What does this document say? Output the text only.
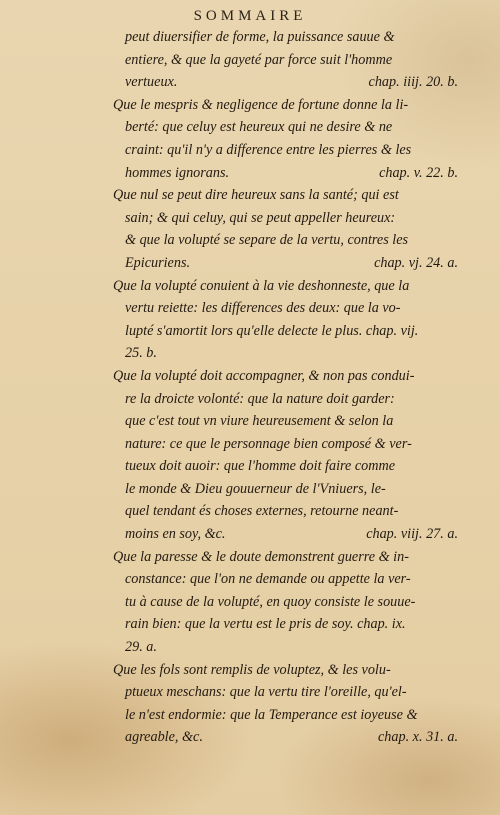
SOMMAIRE
peut diuersifier de forme, la puissance sauue &
entiere, & que la gayeté par force suit l'homme
vertueux.	chap. iiij. 20. b.
Que le mespris & negligence de fortune donne la li-
berté: que celuy est heureux qui ne desire & ne
craint: qu'il n'y a difference entre les pierres & les
hommes ignorans.	chap. v. 22. b.
Que nul se peut dire heureux sans la santé; qui est
sain; & qui celuy, qui se peut appeller heureux:
& que la volupté se separe de la vertu, contres les
Epicuriens.	chap. vj. 24. a.
Que la volupté conuient à la vie deshonneste, que la
vertu reiette: les differences des deux: que la vo-
lupté s'amortit lors qu'elle delecte le plus. chap. vij.
25. b.
Que la volupté doit accompagner, & non pas condui-
re la droicte volonté: que la nature doit garder:
que c'est tout vn viure heureusement & selon la
nature: ce que le personnage bien composé & ver-
tueux doit auoir: que l'homme doit faire comme
le monde & Dieu gouuerneur de l'Vniuers, le-
quel tendant és choses externes, retourne neant-
moins en soy, &c.	chap. viij. 27. a.
Que la paresse & le doute demonstrent guerre & in-
constance: que l'on ne demande ou appette la ver-
tu à cause de la volupté, en quoy consiste le souue-
rain bien: que la vertu est le pris de soy. chap. ix.
29. a.
Que les fols sont remplis de voluptez, & les volu-
ptueux meschans: que la vertu tire l'oreille, qu'el-
le n'est endormie: que la Temperance est ioyeuse &
agreable, &c.	chap. x. 31. a.
